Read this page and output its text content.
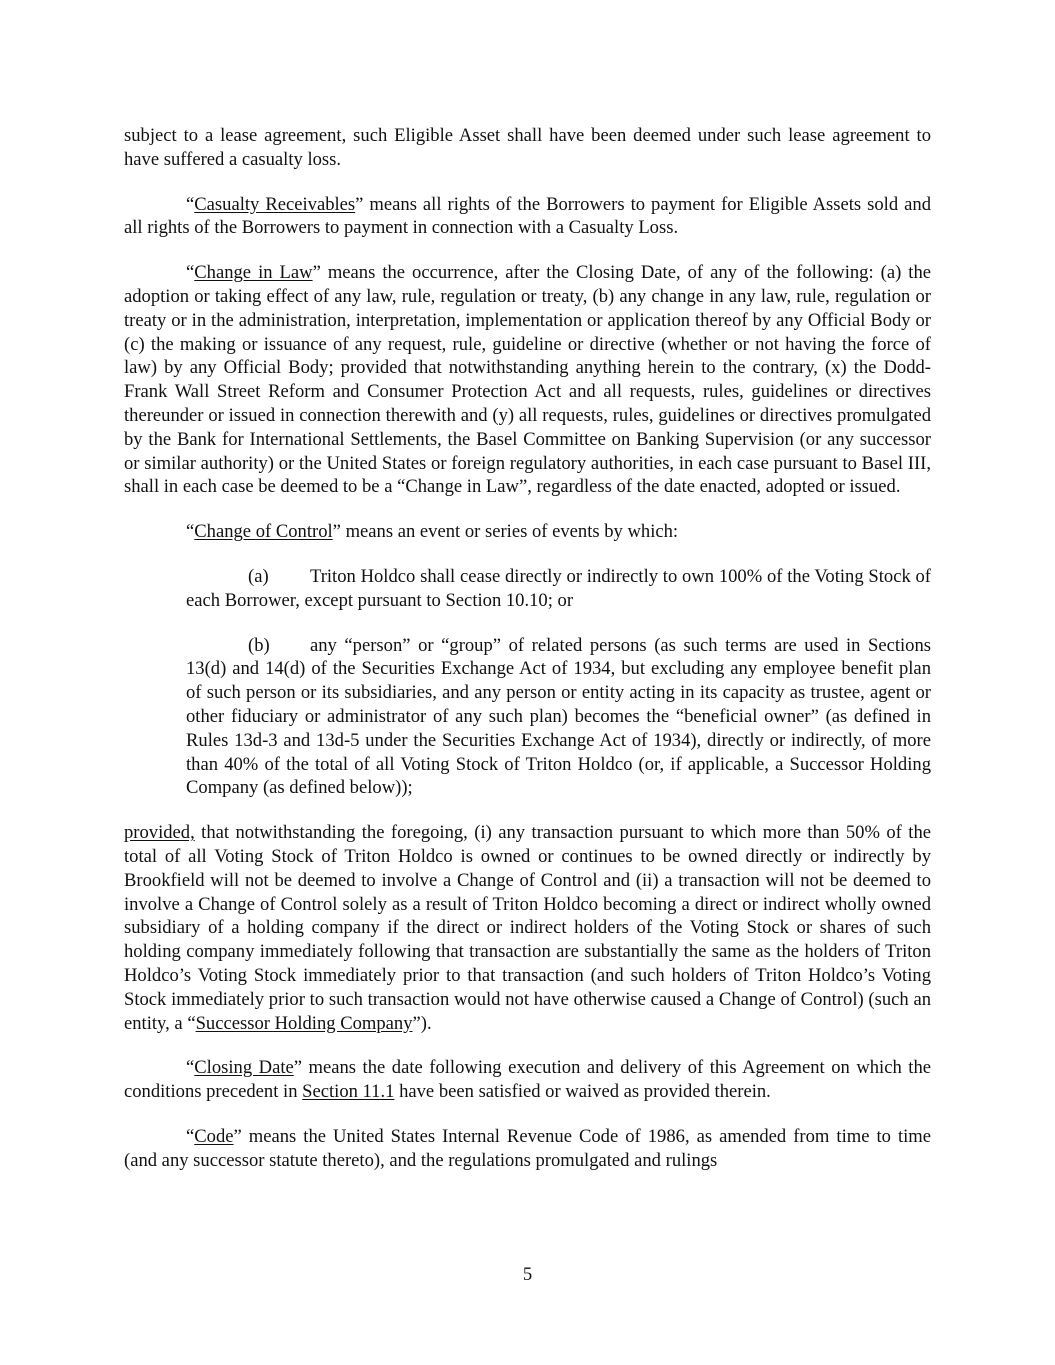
subject to a lease agreement, such Eligible Asset shall have been deemed under such lease agreement to have suffered a casualty loss.

“Casualty Receivables” means all rights of the Borrowers to payment for Eligible Assets sold and all rights of the Borrowers to payment in connection with a Casualty Loss.

“Change in Law” means the occurrence, after the Closing Date, of any of the following: (a) the adoption or taking effect of any law, rule, regulation or treaty, (b) any change in any law, rule, regulation or treaty or in the administration, interpretation, implementation or application thereof by any Official Body or (c) the making or issuance of any request, rule, guideline or directive (whether or not having the force of law) by any Official Body; provided that notwithstanding anything herein to the contrary, (x) the Dodd-Frank Wall Street Reform and Consumer Protection Act and all requests, rules, guidelines or directives thereunder or issued in connection therewith and (y) all requests, rules, guidelines or directives promulgated by the Bank for International Settlements, the Basel Committee on Banking Supervision (or any successor or similar authority) or the United States or foreign regulatory authorities, in each case pursuant to Basel III, shall in each case be deemed to be a “Change in Law”, regardless of the date enacted, adopted or issued.

“Change of Control” means an event or series of events by which:

(a) Triton Holdco shall cease directly or indirectly to own 100% of the Voting Stock of each Borrower, except pursuant to Section 10.10; or

(b) any “person” or “group” of related persons (as such terms are used in Sections 13(d) and 14(d) of the Securities Exchange Act of 1934, but excluding any employee benefit plan of such person or its subsidiaries, and any person or entity acting in its capacity as trustee, agent or other fiduciary or administrator of any such plan) becomes the “beneficial owner” (as defined in Rules 13d-3 and 13d-5 under the Securities Exchange Act of 1934), directly or indirectly, of more than 40% of the total of all Voting Stock of Triton Holdco (or, if applicable, a Successor Holding Company (as defined below));

provided, that notwithstanding the foregoing, (i) any transaction pursuant to which more than 50% of the total of all Voting Stock of Triton Holdco is owned or continues to be owned directly or indirectly by Brookfield will not be deemed to involve a Change of Control and (ii) a transaction will not be deemed to involve a Change of Control solely as a result of Triton Holdco becoming a direct or indirect wholly owned subsidiary of a holding company if the direct or indirect holders of the Voting Stock or shares of such holding company immediately following that transaction are substantially the same as the holders of Triton Holdco’s Voting Stock immediately prior to that transaction (and such holders of Triton Holdco’s Voting Stock immediately prior to such transaction would not have otherwise caused a Change of Control) (such an entity, a “Successor Holding Company”).

“Closing Date” means the date following execution and delivery of this Agreement on which the conditions precedent in Section 11.1 have been satisfied or waived as provided therein.

“Code” means the United States Internal Revenue Code of 1986, as amended from time to time (and any successor statute thereto), and the regulations promulgated and rulings

5
